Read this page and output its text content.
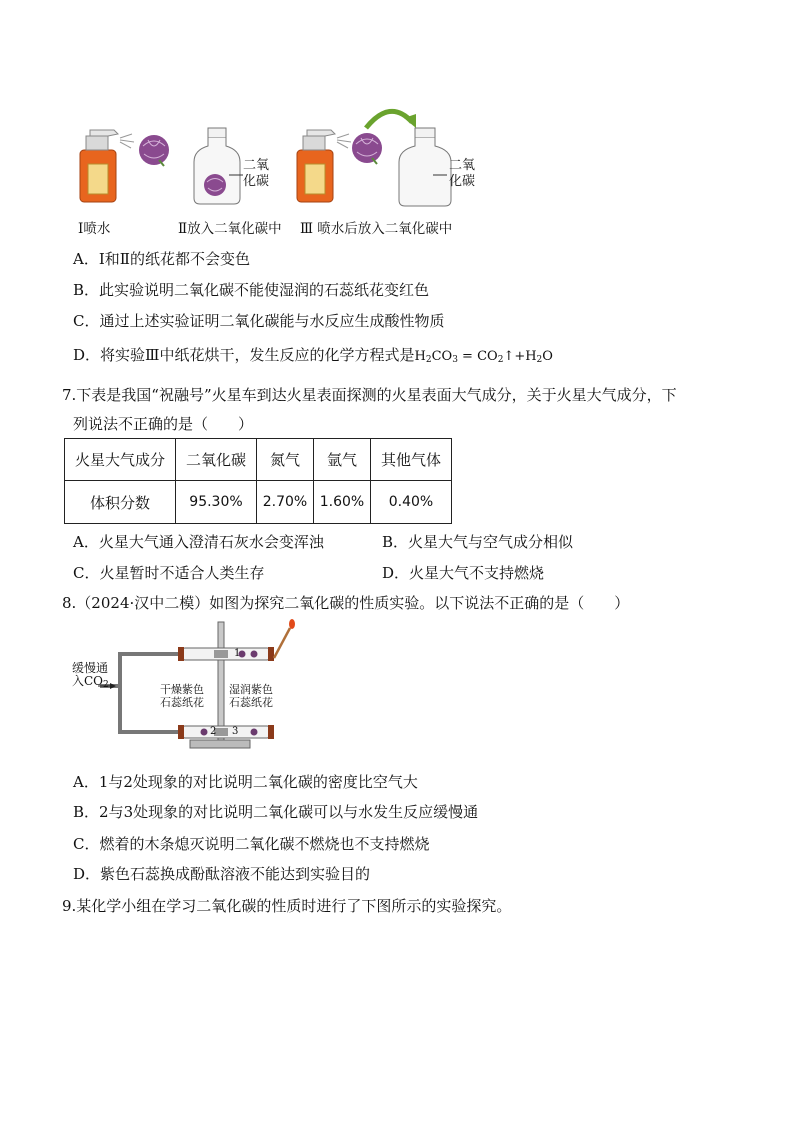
二氧
化碳
二氧
化碳
Ⅰ喷水	Ⅱ放入二氧化碳中 Ⅲ 喷水后放入二氧化碳中
A．Ⅰ和Ⅱ的纸花都不会变色
B．此实验说明二氧化碳不能使湿润的石蕊纸花变红色
C．通过上述实验证明二氧化碳能与水反应生成酸性物质
D．将实验Ⅲ中纸花烘干，发生反应的化学方程式是$H_2CO_3$ = $CO_2↑+H_2O$
7.下表是我国“祝融号”火星车到达火星表面探测的火星表面大气成分，关于火星大气成分，下
列说法不正确的是（　　）
火星大气成分	二氧化碳	氮气	氩气	其他气体
体积分数	95.30%	2.70%	1.60%	0.40%
A．火星大气通入澄清石灰水会变浑浊	B．火星大气与空气成分相似
C．火星暂时不适合人类生存	D．火星大气不支持燃烧
8.（2024·汉中二模）如图为探究二氧化碳的性质实验。以下说法不正确的是（　　）
缓慢通
入$CO_2$	干燥紫色
石蕊纸花
湿润紫色
石蕊纸花
1
2 3
A．1与2处现象的对比说明二氧化碳的密度比空气大
B．2与3处现象的对比说明二氧化碳可以与水发生反应缓慢通
C．燃着的木条熄灭说明二氧化碳不燃烧也不支持燃烧
D．紫色石蕊换成酚酞溶液不能达到实验目的
9.某化学小组在学习二氧化碳的性质时进行了下图所示的实验探究。
